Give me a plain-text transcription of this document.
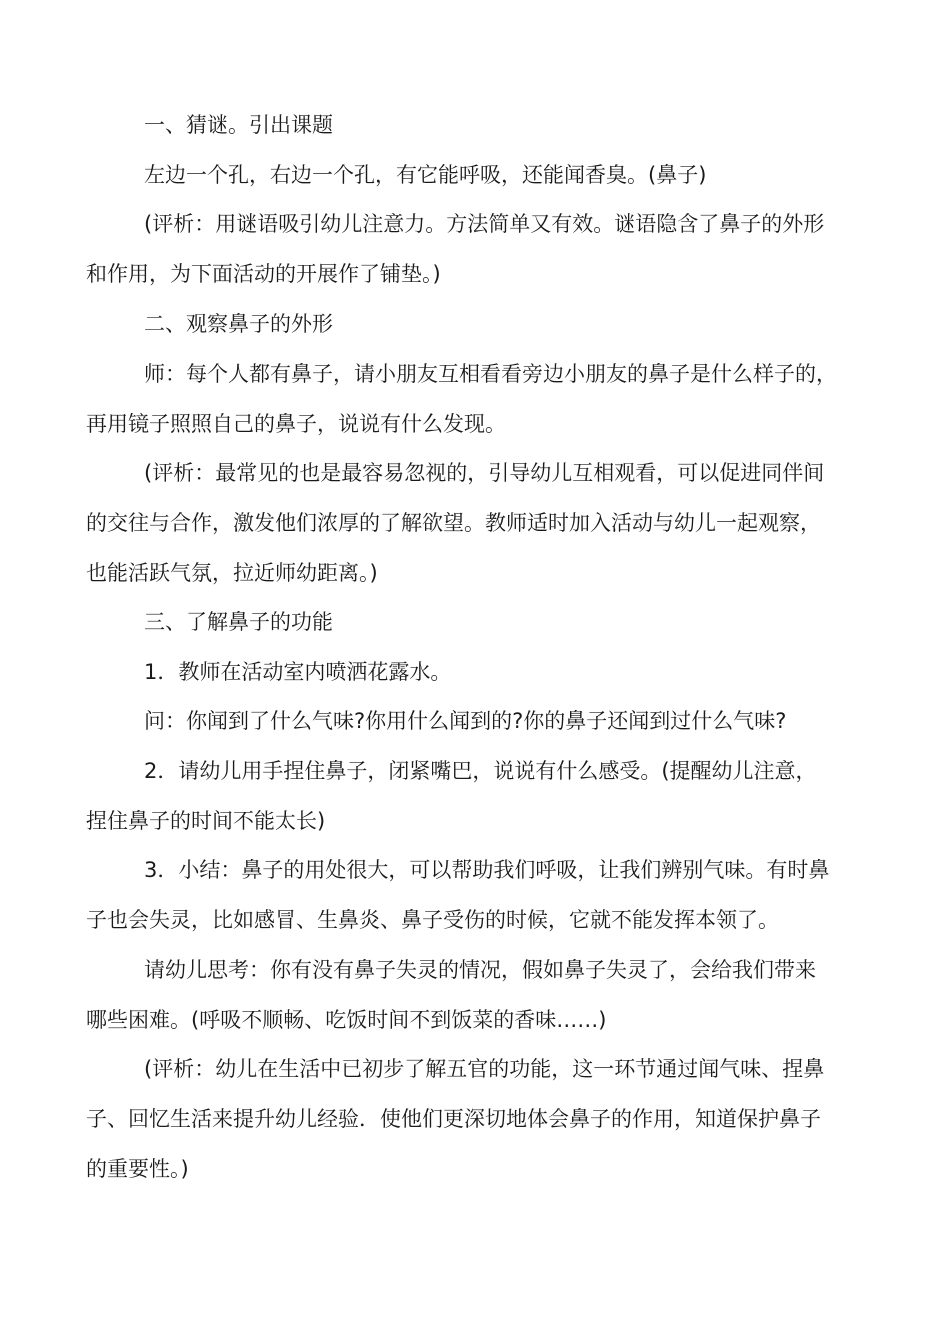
一、猜谜。引出课题

左边一个孔，右边一个孔，有它能呼吸，还能闻香臭。(鼻子)

(评析：用谜语吸引幼儿注意力。方法简单又有效。谜语隐含了鼻子的外形
和作用，为下面活动的开展作了铺垫。)

二、观察鼻子的外形

师：每个人都有鼻子，请小朋友互相看看旁边小朋友的鼻子是什么样子的，
再用镜子照照自己的鼻子，说说有什么发现。

(评析：最常见的也是最容易忽视的，引导幼儿互相观看，可以促进同伴间
的交往与合作，激发他们浓厚的了解欲望。教师适时加入活动与幼儿一起观察，
也能活跃气氛，拉近师幼距离。)

三、了解鼻子的功能

1．教师在活动室内喷洒花露水。

问：你闻到了什么气味?你用什么闻到的?你的鼻子还闻到过什么气味?

2．请幼儿用手捏住鼻子，闭紧嘴巴，说说有什么感受。(提醒幼儿注意，
捏住鼻子的时间不能太长)

3．小结：鼻子的用处很大，可以帮助我们呼吸，让我们辨别气味。有时鼻
子也会失灵，比如感冒、生鼻炎、鼻子受伤的时候，它就不能发挥本领了。

请幼儿思考：你有没有鼻子失灵的情况，假如鼻子失灵了，会给我们带来
哪些困难。(呼吸不顺畅、吃饭时间不到饭菜的香味……)

(评析：幼儿在生活中已初步了解五官的功能，这一环节通过闻气味、捏鼻
子、回忆生活来提升幼儿经验．使他们更深切地体会鼻子的作用，知道保护鼻子
的重要性。)
